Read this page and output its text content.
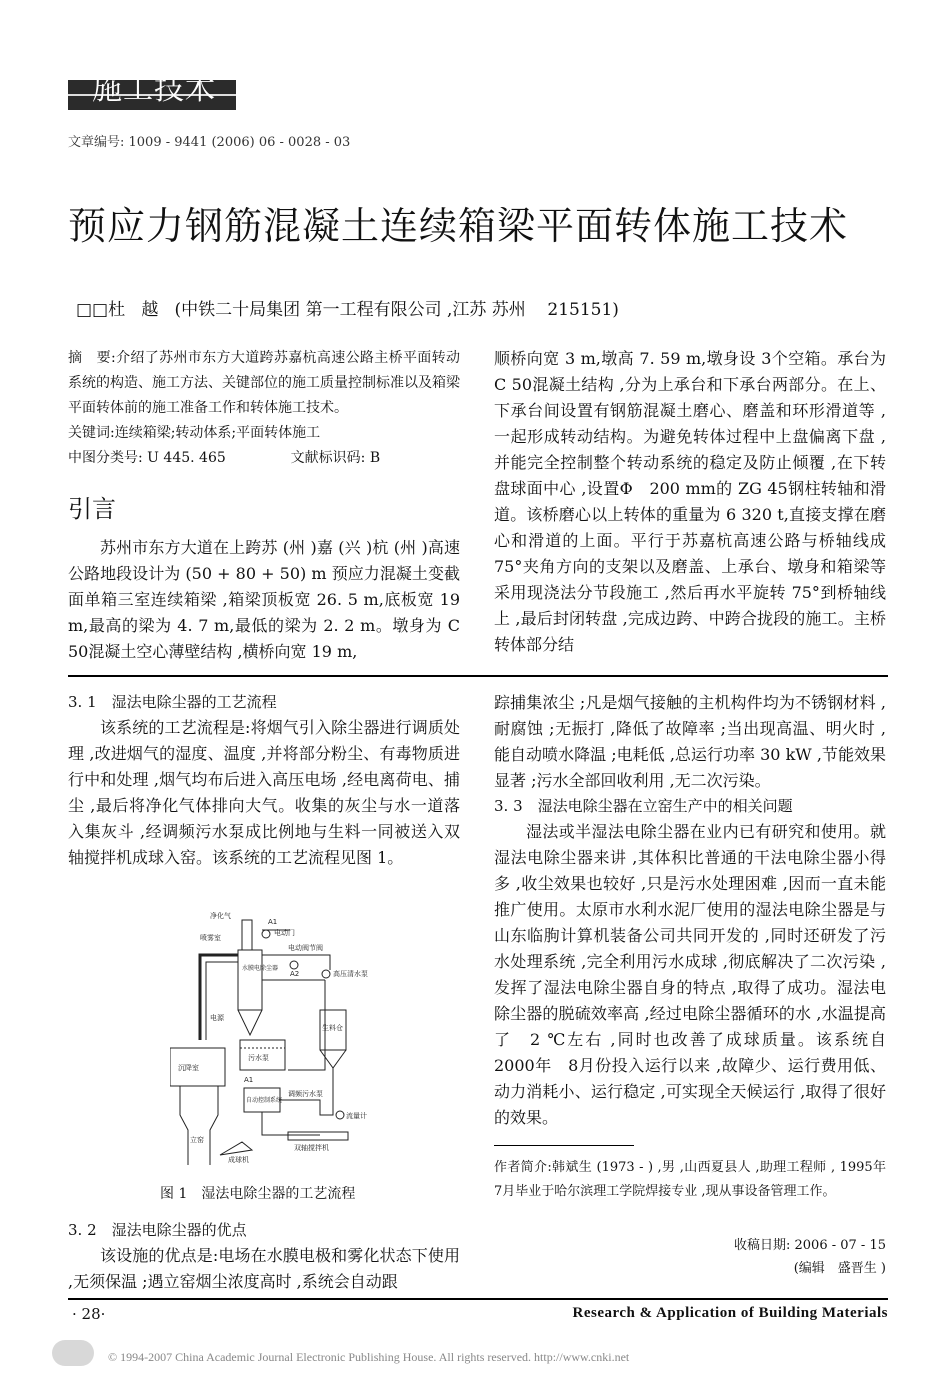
施工技术
文章编号: 1009 - 9441 (2006) 06 - 0028 - 03
预应力钢筋混凝土连续箱梁平面转体施工技术
□□杜   越   (中铁二十局集团 第一工程有限公司 ,江苏 苏州    215151)

摘　要:介绍了苏州市东方大道跨苏嘉杭高速公路主桥平面转动系统的构造、施工方法、关键部位的施工质量控制标准以及箱梁平面转体前的施工准备工作和转体施工技术。

关键词:连续箱梁;转动体系;平面转体施工

中图分类号: U 445. 465	文献标识码: B

引言

苏州市东方大道在上跨苏 (州 )嘉 (兴 )杭 (州 )高速公路地段设计为 (50 + 80 + 50) m 预应力混凝土变截面单箱三室连续箱梁 ,箱梁顶板宽 26. 5 m,底板宽 19 m,最高的梁为 4. 7 m,最低的梁为 2. 2 m。墩身为 C 50混凝土空心薄壁结构 ,横桥向宽 19 m,

顺桥向宽 3 m,墩高 7. 59 m,墩身设 3个空箱。承台为 C 50混凝土结构 ,分为上承台和下承台两部分。在上、下承台间设置有钢筋混凝土磨心、磨盖和环形滑道等 ,一起形成转动结构。为避免转体过程中上盘偏离下盘 ,并能完全控制整个转动系统的稳定及防止倾覆 ,在下转盘球面中心 ,设置Φ　200 mm的 ZG 45钢柱转轴和滑道。该桥磨心以上转体的重量为 6 320 t,直接支撑在磨心和滑道的上面。平行于苏嘉杭高速公路与桥轴线成 75°夹角方向的支架以及磨盖、上承台、墩身和箱梁等采用现浇法分节段施工 ,然后再水平旋转 75°到桥轴线上 ,最后封闭转盘 ,完成边跨、中跨合拢段的施工。主桥转体部分结

3. 1　湿法电除尘器的工艺流程

该系统的工艺流程是:将烟气引入除尘器进行调质处理 ,改进烟气的湿度、温度 ,并将部分粉尘、有毒物质进行中和处理 ,烟气均布后进入高压电场 ,经电离荷电、捕尘 ,最后将净化气体排向大气。收集的灰尘与水一道落入集灰斗 ,经调频污水泵成比例地与生料一同被送入双轴搅拌机成球入窑。该系统的工艺流程见图 1。

净化气
A1
电动门
喷雾室
电动阀节阀
A2
水膜电除尘器
高压清水泵
沉降室
电源
污水泵
A1
生料仓
自动控制系统
调频污水泵
流量计
立窑
成球机
双轴搅拌机
图 1　湿法电除尘器的工艺流程

3. 2　湿法电除尘器的优点

该设施的优点是:电场在水膜电极和雾化状态下使用 ,无须保温 ;遇立窑烟尘浓度高时 ,系统会自动跟

踪捕集浓尘 ;凡是烟气接触的主机构件均为不锈钢材料 ,耐腐蚀 ;无振打 ,降低了故障率 ;当出现高温、明火时 ,能自动喷水降温 ;电耗低 ,总运行功率 30 kW ,节能效果显著 ;污水全部回收利用 ,无二次污染。

3. 3　湿法电除尘器在立窑生产中的相关问题

湿法或半湿法电除尘器在业内已有研究和使用。就湿法电除尘器来讲 ,其体积比普通的干法电除尘器小得多 ,收尘效果也较好 ,只是污水处理困难 ,因而一直未能推广使用。太原市水利水泥厂使用的湿法电除尘器是与山东临朐计算机装备公司共同开发的 ,同时还研发了污水处理系统 ,完全利用污水成球 ,彻底解决了二次污染 ,发挥了湿法电除尘器自身的特点 ,取得了成功。湿法电除尘器的脱硫效率高 ,经过电除尘器循环的水 ,水温提高了　2 ℃左右 ,同时也改善了成球质量。该系统自　2000年　8月份投入运行以来 ,故障少、运行费用低、动力消耗小、运行稳定 ,可实现全天候运行 ,取得了很好的效果。

作者简介:韩斌生 (1973 - ) ,男 ,山西夏县人 ,助理工程师 , 1995年 7月毕业于哈尔滨理工学院焊接专业 ,现从事设备管理工作。
收稿日期: 2006 - 07 - 15
(编辑　盛晋生 )
· 28·	Research & Application of Building Materials
© 1994-2007 China Academic Journal Electronic Publishing House. All rights reserved. http://www.cnki.net
